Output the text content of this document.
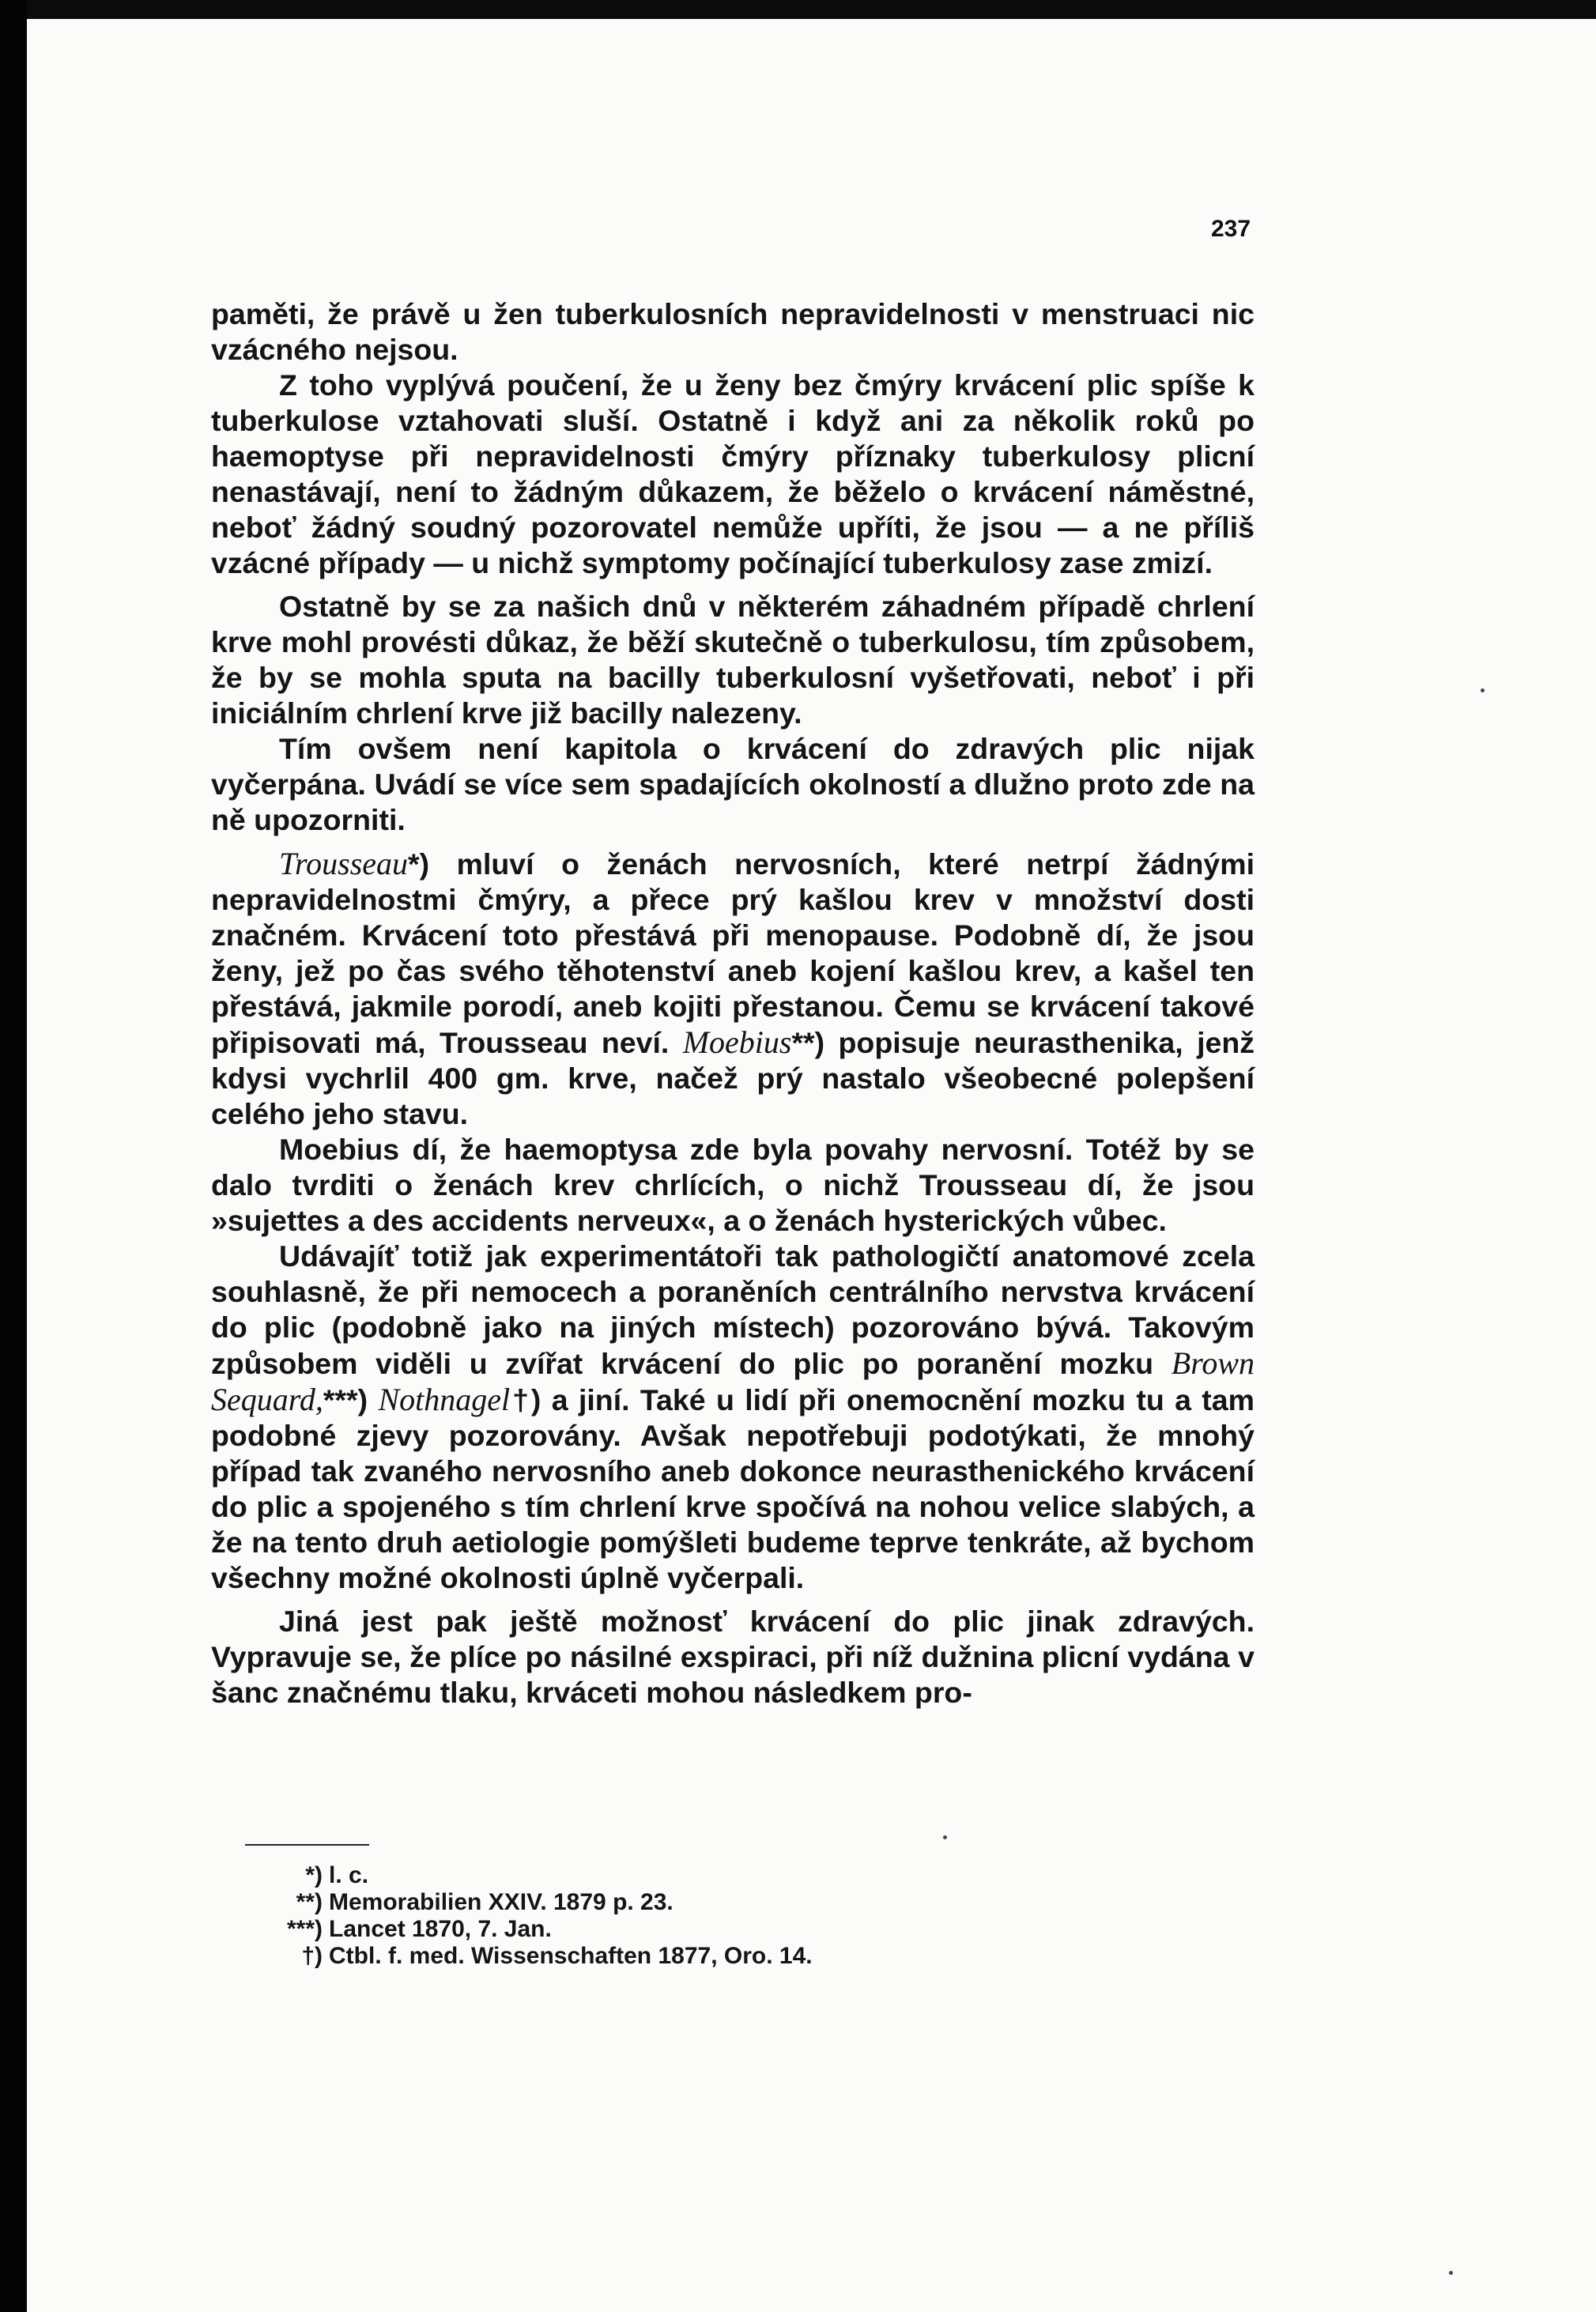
237

paměti, že právě u žen tuberkulosních nepravidelnosti v menstruaci nic vzácného nejsou.

Z toho vyplývá poučení, že u ženy bez čmýry krvácení plic spíše k tuberkulose vztahovati sluší. Ostatně i když ani za několik roků po haemoptyse při nepravidelnosti čmýry příznaky tuberkulosy plicní nenastávají, není to žádným důkazem, že běželo o krvácení náměstné, neboť žádný soudný pozorovatel nemůže upříti, že jsou — a ne příliš vzácné případy — u nichž symptomy počínající tuberkulosy zase zmizí.

Ostatně by se za našich dnů v některém záhadném případě chrlení krve mohl provésti důkaz, že běží skutečně o tuberkulosu, tím způsobem, že by se mohla sputa na bacilly tuberkulosní vyšetřovati, neboť i při iniciálním chrlení krve již bacilly nalezeny.

Tím ovšem není kapitola o krvácení do zdravých plic nijak vyčerpána. Uvádí se více sem spadajících okolností a dlužno proto zde na ně upozorniti.

Trousseau*) mluví o ženách nervosních, které netrpí žádnými nepravidelnostmi čmýry, a přece prý kašlou krev v množství dosti značném. Krvácení toto přestává při menopause. Podobně dí, že jsou ženy, jež po čas svého těhotenství aneb kojení kašlou krev, a kašel ten přestává, jakmile porodí, aneb kojiti přestanou. Čemu se krvácení takové připisovati má, Trousseau neví. Moebius**) popisuje neurasthenika, jenž kdysi vychrlil 400 gm. krve, načež prý nastalo všeobecné polepšení celého jeho stavu.

Moebius dí, že haemoptysa zde byla povahy nervosní. Totéž by se dalo tvrditi o ženách krev chrlících, o nichž Trousseau dí, že jsou »sujettes a des accidents nerveux«, a o ženách hysterických vůbec.

Udávajíť totiž jak experimentátoři tak pathologičtí anatomové zcela souhlasně, že při nemocech a poraněních centrálního nervstva krvácení do plic (podobně jako na jiných místech) pozorováno bývá. Takovým způsobem viděli u zvířat krvácení do plic po poranění mozku Brown Sequard,***) Nothnagel†) a jiní. Také u lidí při onemocnění mozku tu a tam podobné zjevy pozorovány. Avšak nepotřebuji podotýkati, že mnohý případ tak zvaného nervosního aneb dokonce neurasthenického krvácení do plic a spojeného s tím chrlení krve spočívá na nohou velice slabých, a že na tento druh aetiologie pomýšleti budeme teprve tenkráte, až bychom všechny možné okolnosti úplně vyčerpali.

Jiná jest pak ještě možnosť krvácení do plic jinak zdravých. Vypravuje se, že plíce po násilné exspiraci, při níž dužnina plicní vydána v šanc značnému tlaku, krváceti mohou následkem pro-

*) l. c.
**) Memorabilien XXIV. 1879 p. 23.
***) Lancet 1870, 7. Jan.
†) Ctbl. f. med. Wissenschaften 1877, Oro. 14.
